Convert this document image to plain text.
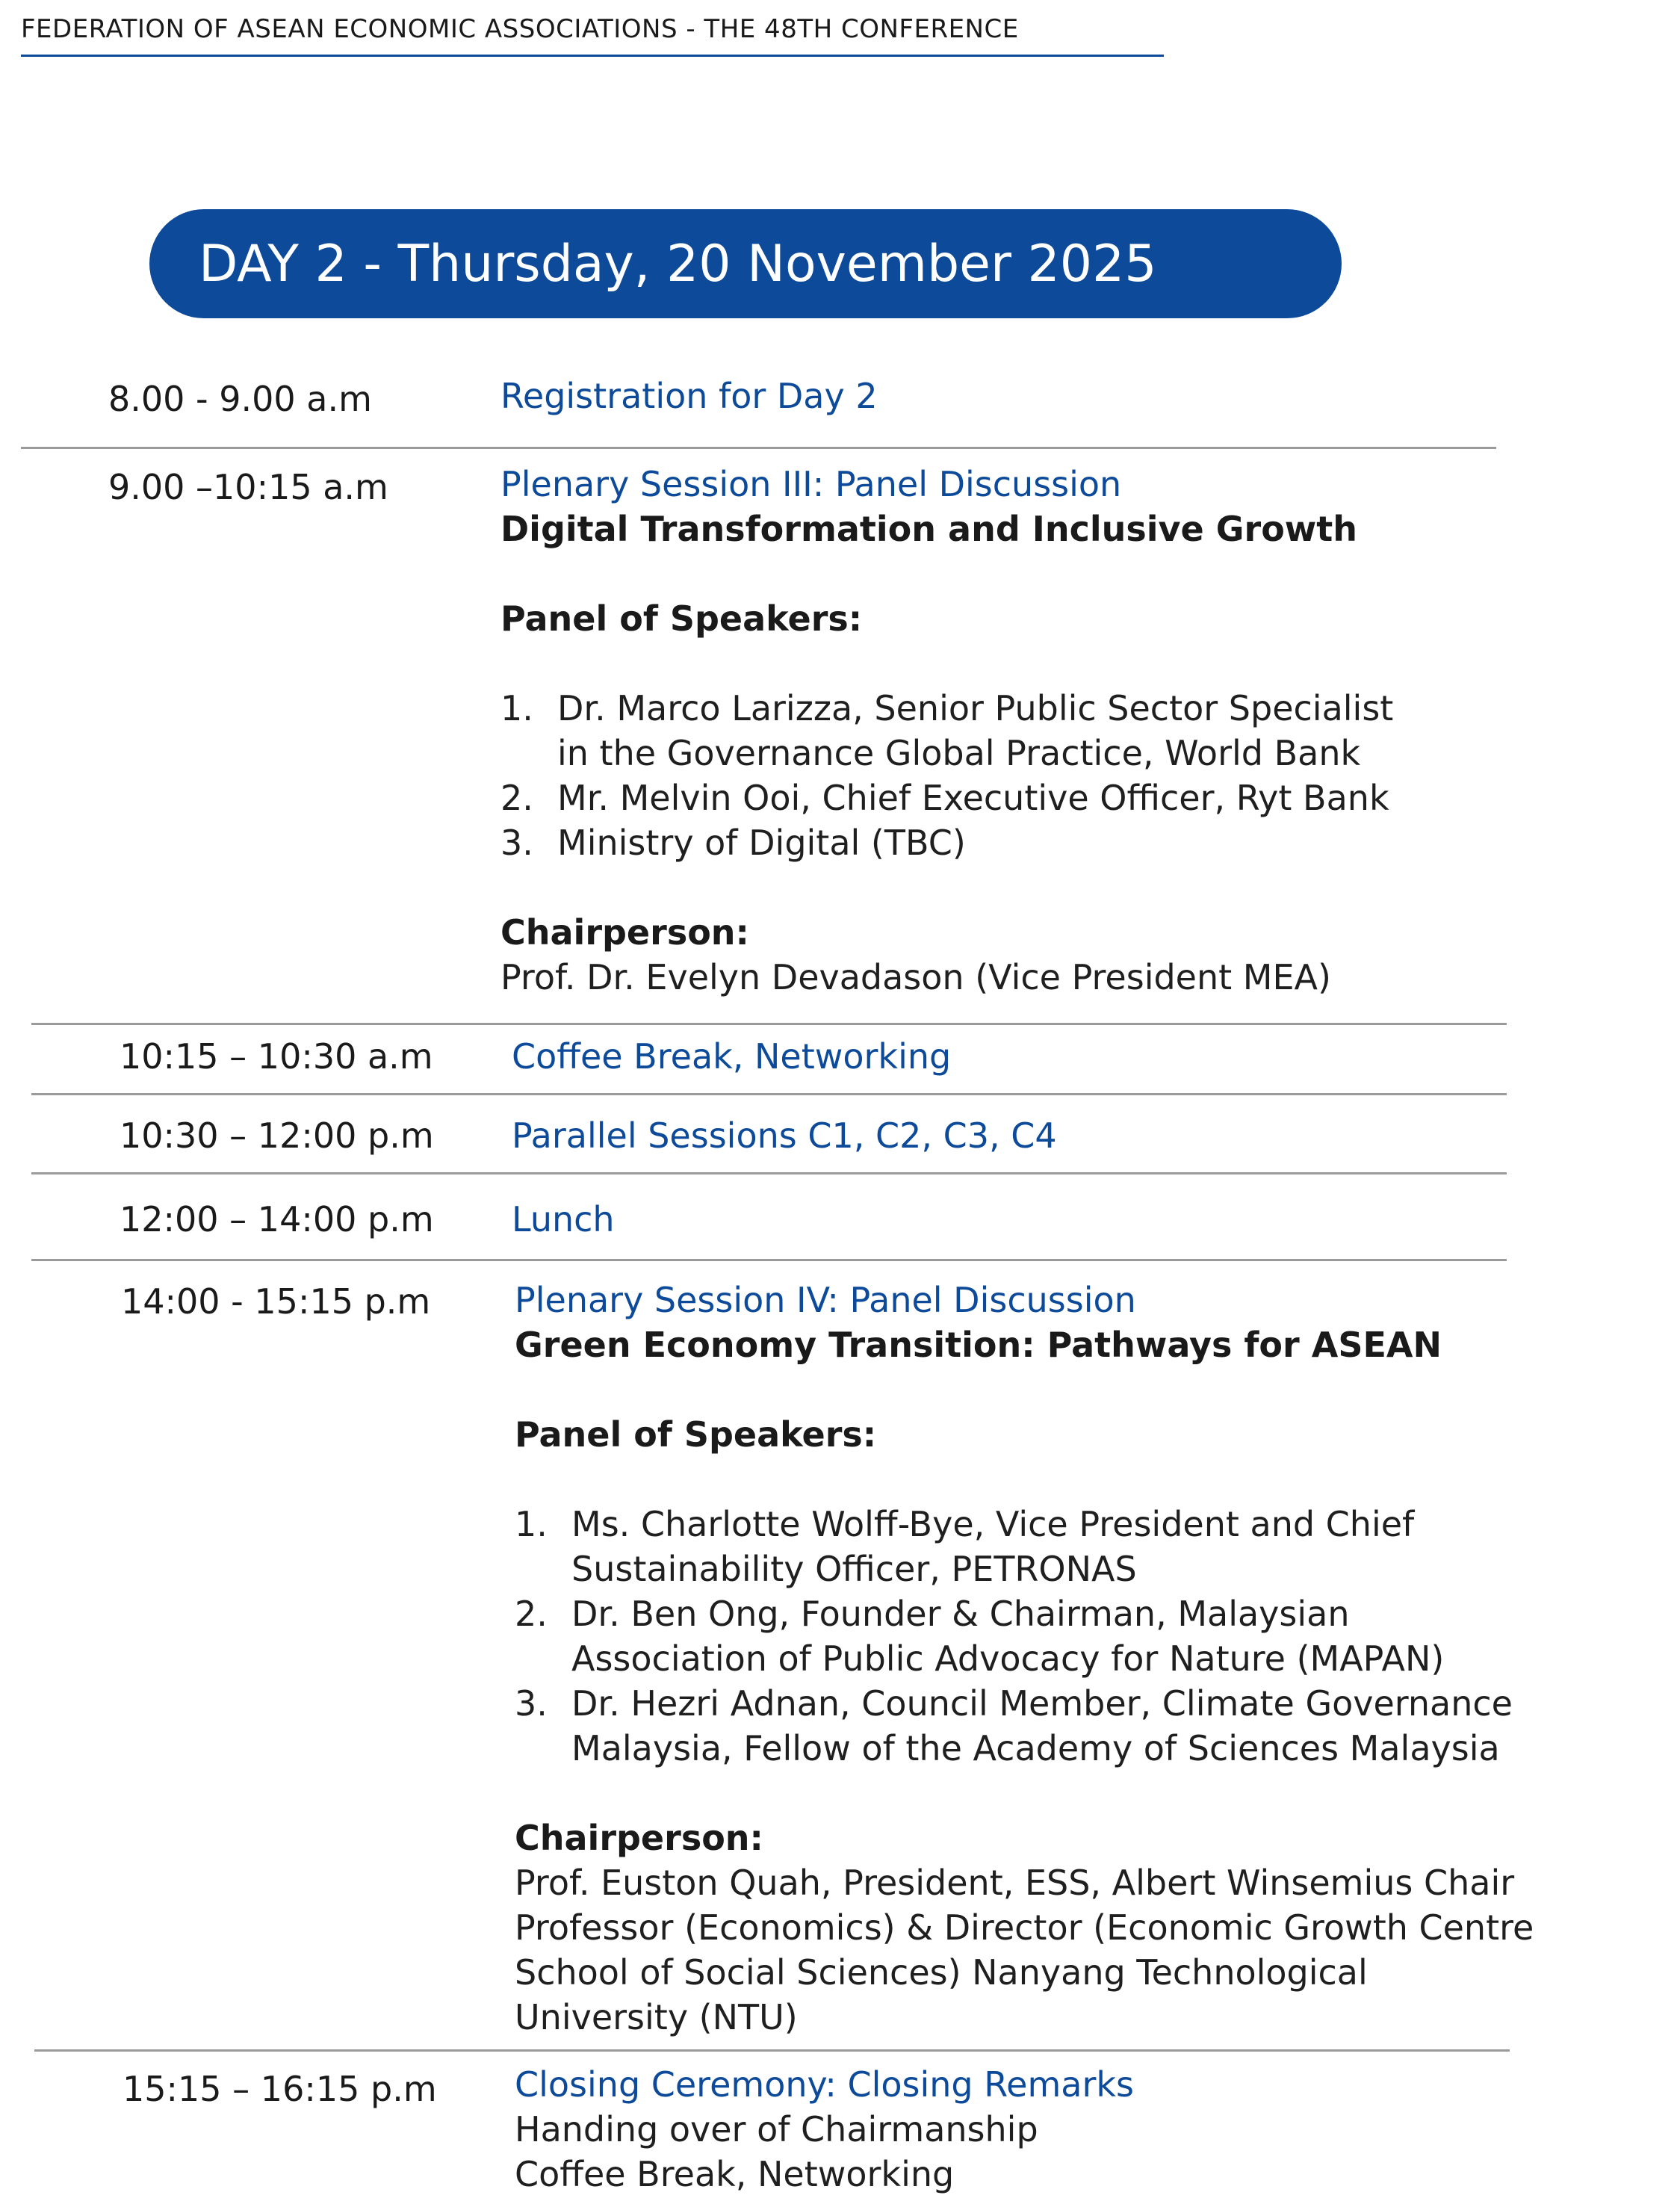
FEDERATION OF ASEAN ECONOMIC ASSOCIATIONS - THE 48TH CONFERENCE
DAY 2 - Thursday, 20 November 2025
8.00 - 9.00 a.m	Registration for Day 2
9.00 –10:15 a.m	Plenary Session III: Panel Discussion
Digital Transformation and Inclusive Growth
Panel of Speakers:
1. Dr. Marco Larizza, Senior Public Sector Specialist
in the Governance Global Practice, World Bank
2. Mr. Melvin Ooi, Chief Executive Officer, Ryt Bank
3. Ministry of Digital (TBC)
Chairperson:
Prof. Dr. Evelyn Devadason (Vice President MEA)
10:15 – 10:30 a.m Coffee Break, Networking
10:30 – 12:00 p.m Parallel Sessions C1, C2, C3, C4
12:00 – 14:00 p.m Lunch
14:00 - 15:15 p.m Plenary Session IV: Panel Discussion
Green Economy Transition: Pathways for ASEAN
Panel of Speakers:
1. Ms. Charlotte Wolff-Bye, Vice President and Chief
Sustainability Officer, PETRONAS
2. Dr. Ben Ong, Founder & Chairman, Malaysian
Association of Public Advocacy for Nature (MAPAN)
3. Dr. Hezri Adnan, Council Member, Climate Governance
Malaysia, Fellow of the Academy of Sciences Malaysia
Chairperson:
Prof. Euston Quah, President, ESS, Albert Winsemius Chair
Professor (Economics) & Director (Economic Growth Centre
School of Social Sciences) Nanyang Technological
University (NTU)
15:15 – 16:15 p.m Closing Ceremony: Closing Remarks
Handing over of Chairmanship
Coffee Break, Networking
